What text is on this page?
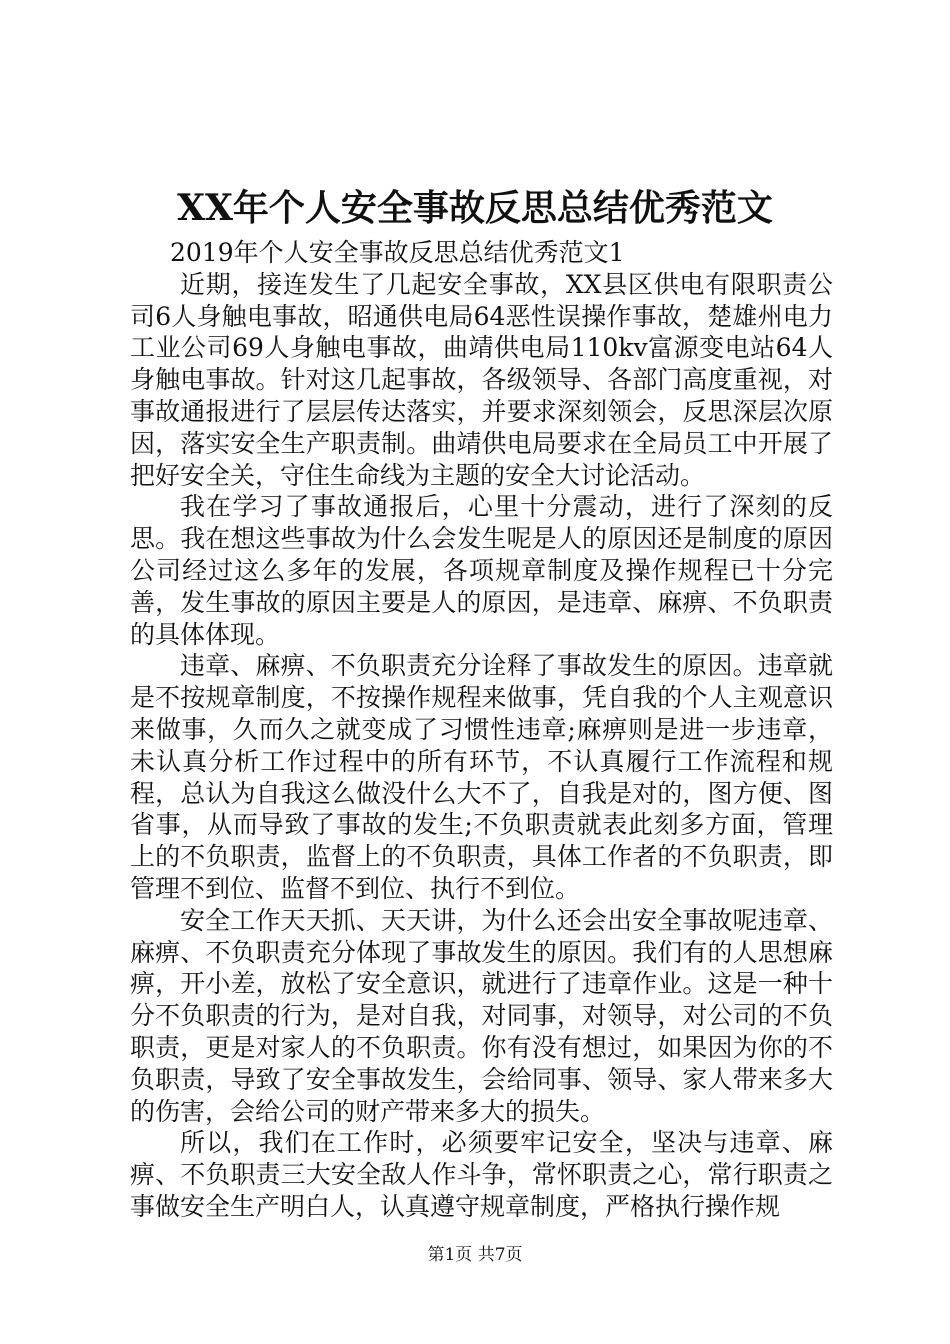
XX年个人安全事故反思总结优秀范文

2019年个人安全事故反思总结优秀范文1

近期，接连发生了几起安全事故，XX县区供电有限职责公司6人身触电事故，昭通供电局64恶性误操作事故，楚雄州电力工业公司69人身触电事故，曲靖供电局110kv富源变电站64人身触电事故。针对这几起事故，各级领导、各部门高度重视，对事故通报进行了层层传达落实，并要求深刻领会，反思深层次原因，落实安全生产职责制。曲靖供电局要求在全局员工中开展了把好安全关，守住生命线为主题的安全大讨论活动。

我在学习了事故通报后，心里十分震动，进行了深刻的反思。我在想这些事故为什么会发生呢是人的原因还是制度的原因公司经过这么多年的发展，各项规章制度及操作规程已十分完善，发生事故的原因主要是人的原因，是违章、麻痹、不负职责的具体体现。

违章、麻痹、不负职责充分诠释了事故发生的原因。违章就是不按规章制度，不按操作规程来做事，凭自我的个人主观意识来做事，久而久之就变成了习惯性违章;麻痹则是进一步违章，未认真分析工作过程中的所有环节，不认真履行工作流程和规程，总认为自我这么做没什么大不了，自我是对的，图方便、图省事，从而导致了事故的发生;不负职责就表此刻多方面，管理上的不负职责，监督上的不负职责，具体工作者的不负职责，即管理不到位、监督不到位、执行不到位。

安全工作天天抓、天天讲，为什么还会出安全事故呢违章、麻痹、不负职责充分体现了事故发生的原因。我们有的人思想麻痹，开小差，放松了安全意识，就进行了违章作业。这是一种十分不负职责的行为，是对自我，对同事，对领导，对公司的不负职责，更是对家人的不负职责。你有没有想过，如果因为你的不负职责，导致了安全事故发生，会给同事、领导、家人带来多大的伤害，会给公司的财产带来多大的损失。

所以，我们在工作时，必须要牢记安全，坚决与违章、麻痹、不负职责三大安全敌人作斗争，常怀职责之心，常行职责之事做安全生产明白人，认真遵守规章制度，严格执行操作规

第1页 共7页
